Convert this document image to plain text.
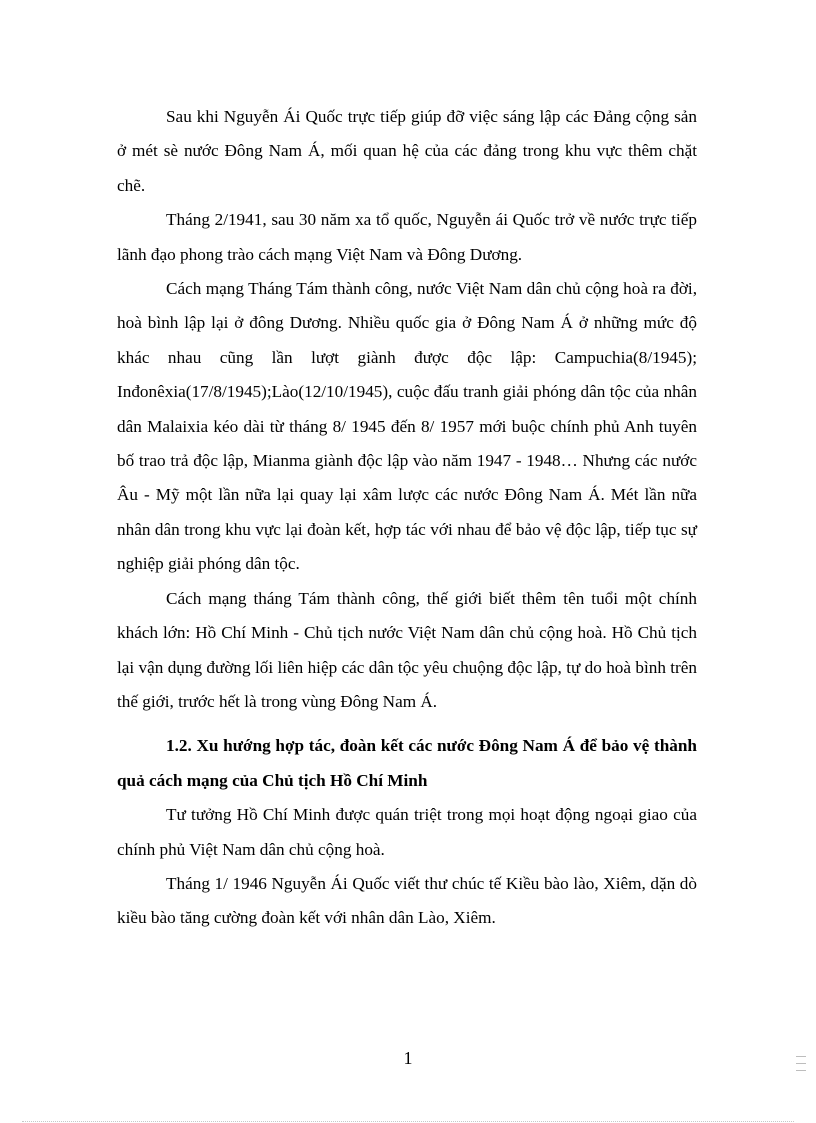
Sau khi Nguyễn Ái Quốc trực tiếp giúp đỡ việc sáng lập các Đảng cộng sản ở mét sè nước Đông Nam Á, mối quan hệ của các đảng trong khu vực thêm chặt chẽ.

Tháng 2/1941, sau 30 năm xa tổ quốc, Nguyễn ái Quốc trở về nước trực tiếp lãnh đạo phong trào cách mạng Việt Nam và Đông Dương.

Cách mạng Tháng Tám thành công, nước Việt Nam dân chủ cộng hoà ra đời, hoà bình lập lại ở đông Dương. Nhiều quốc gia ở Đông Nam Á ở những mức độ khác nhau cũng lần lượt giành được độc lập: Campuchia(8/1945); Inđonêxia(17/8/1945);Lào(12/10/1945), cuộc đấu tranh giải phóng dân tộc của nhân dân Malaixia kéo dài từ tháng 8/ 1945 đến 8/ 1957 mới buộc chính phủ Anh tuyên bố trao trả độc lập, Mianma giành độc lập vào năm 1947 - 1948… Nhưng các nước Âu - Mỹ một lần nữa lại quay lại xâm lược các nước Đông Nam Á. Mét lần nữa nhân dân trong khu vực lại đoàn kết, hợp tác với nhau để bảo vệ độc lập, tiếp tục sự nghiệp giải phóng dân tộc.

Cách mạng tháng Tám thành công, thế giới biết thêm tên tuổi một chính khách lớn: Hồ Chí Minh - Chủ tịch nước Việt Nam dân chủ cộng hoà. Hồ Chủ tịch lại vận dụng đường lối liên hiệp các dân tộc yêu chuộng độc lập, tự do hoà bình trên thế giới, trước hết là trong vùng Đông Nam Á.

1.2. Xu hướng hợp tác, đoàn kết các nước Đông Nam Á để bảo vệ thành quả cách mạng của Chủ tịch Hồ Chí Minh

Tư tưởng Hồ Chí Minh được quán triệt trong mọi hoạt động ngoại giao của chính phủ Việt Nam dân chủ cộng hoà.

Tháng 1/ 1946 Nguyễn Ái Quốc viết thư chúc tế Kiều bào lào, Xiêm, dặn dò kiều bào tăng cường đoàn kết với nhân dân Lào, Xiêm.

1
